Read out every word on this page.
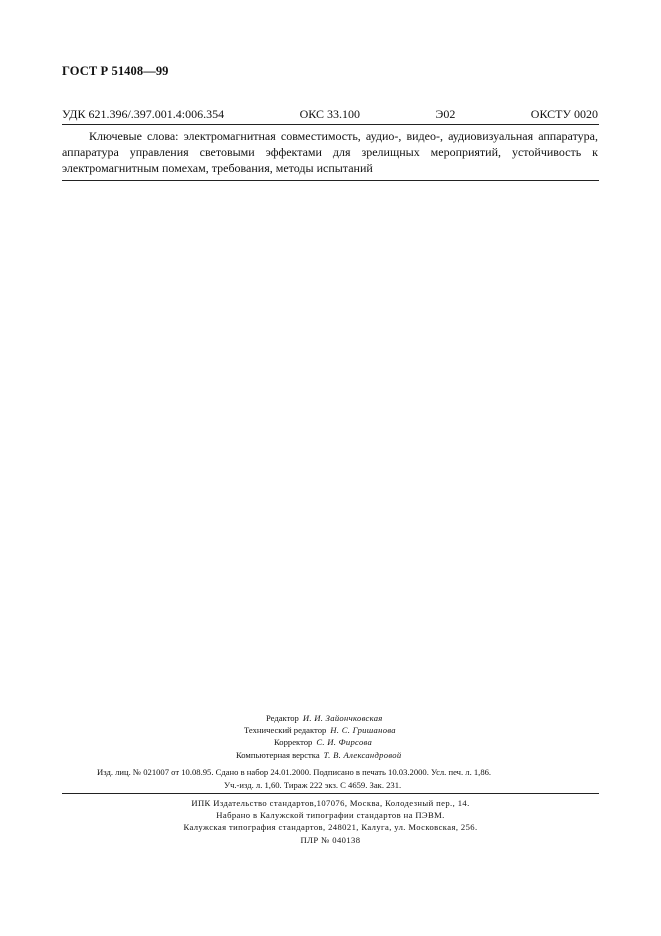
ГОСТ Р 51408—99
УДК 621.396/.397.001.4:006.354	ОКС 33.100	Э02	ОКСТУ 0020

Ключевые слова: электромагнитная совместимость, аудио-, видео-, аудиовизуальная аппаратура, аппаратура управления световыми эффектами для зрелищных мероприятий, устойчивость к электромагнитным помехам, требования, методы испытаний

Редактор И. И. Зайончковская
Технический редактор Н. С. Гришанова
Корректор С. И. Фирсова
Компьютерная верстка Т. В. Александровой
Изд. лиц. № 021007 от 10.08.95. Сдано в набор 24.01.2000. Подписано в печать 10.03.2000. Усл. печ. л. 1,86.
Уч.-изд. л. 1,60. Тираж 222 экз. С 4659. Зак. 231.
ИПК Издательство стандартов,107076, Москва, Колодезный пер., 14.
Набрано в Калужской типографии стандартов на ПЭВМ.
Калужская типография стандартов, 248021, Калуга, ул. Московская, 256.
ПЛР № 040138
